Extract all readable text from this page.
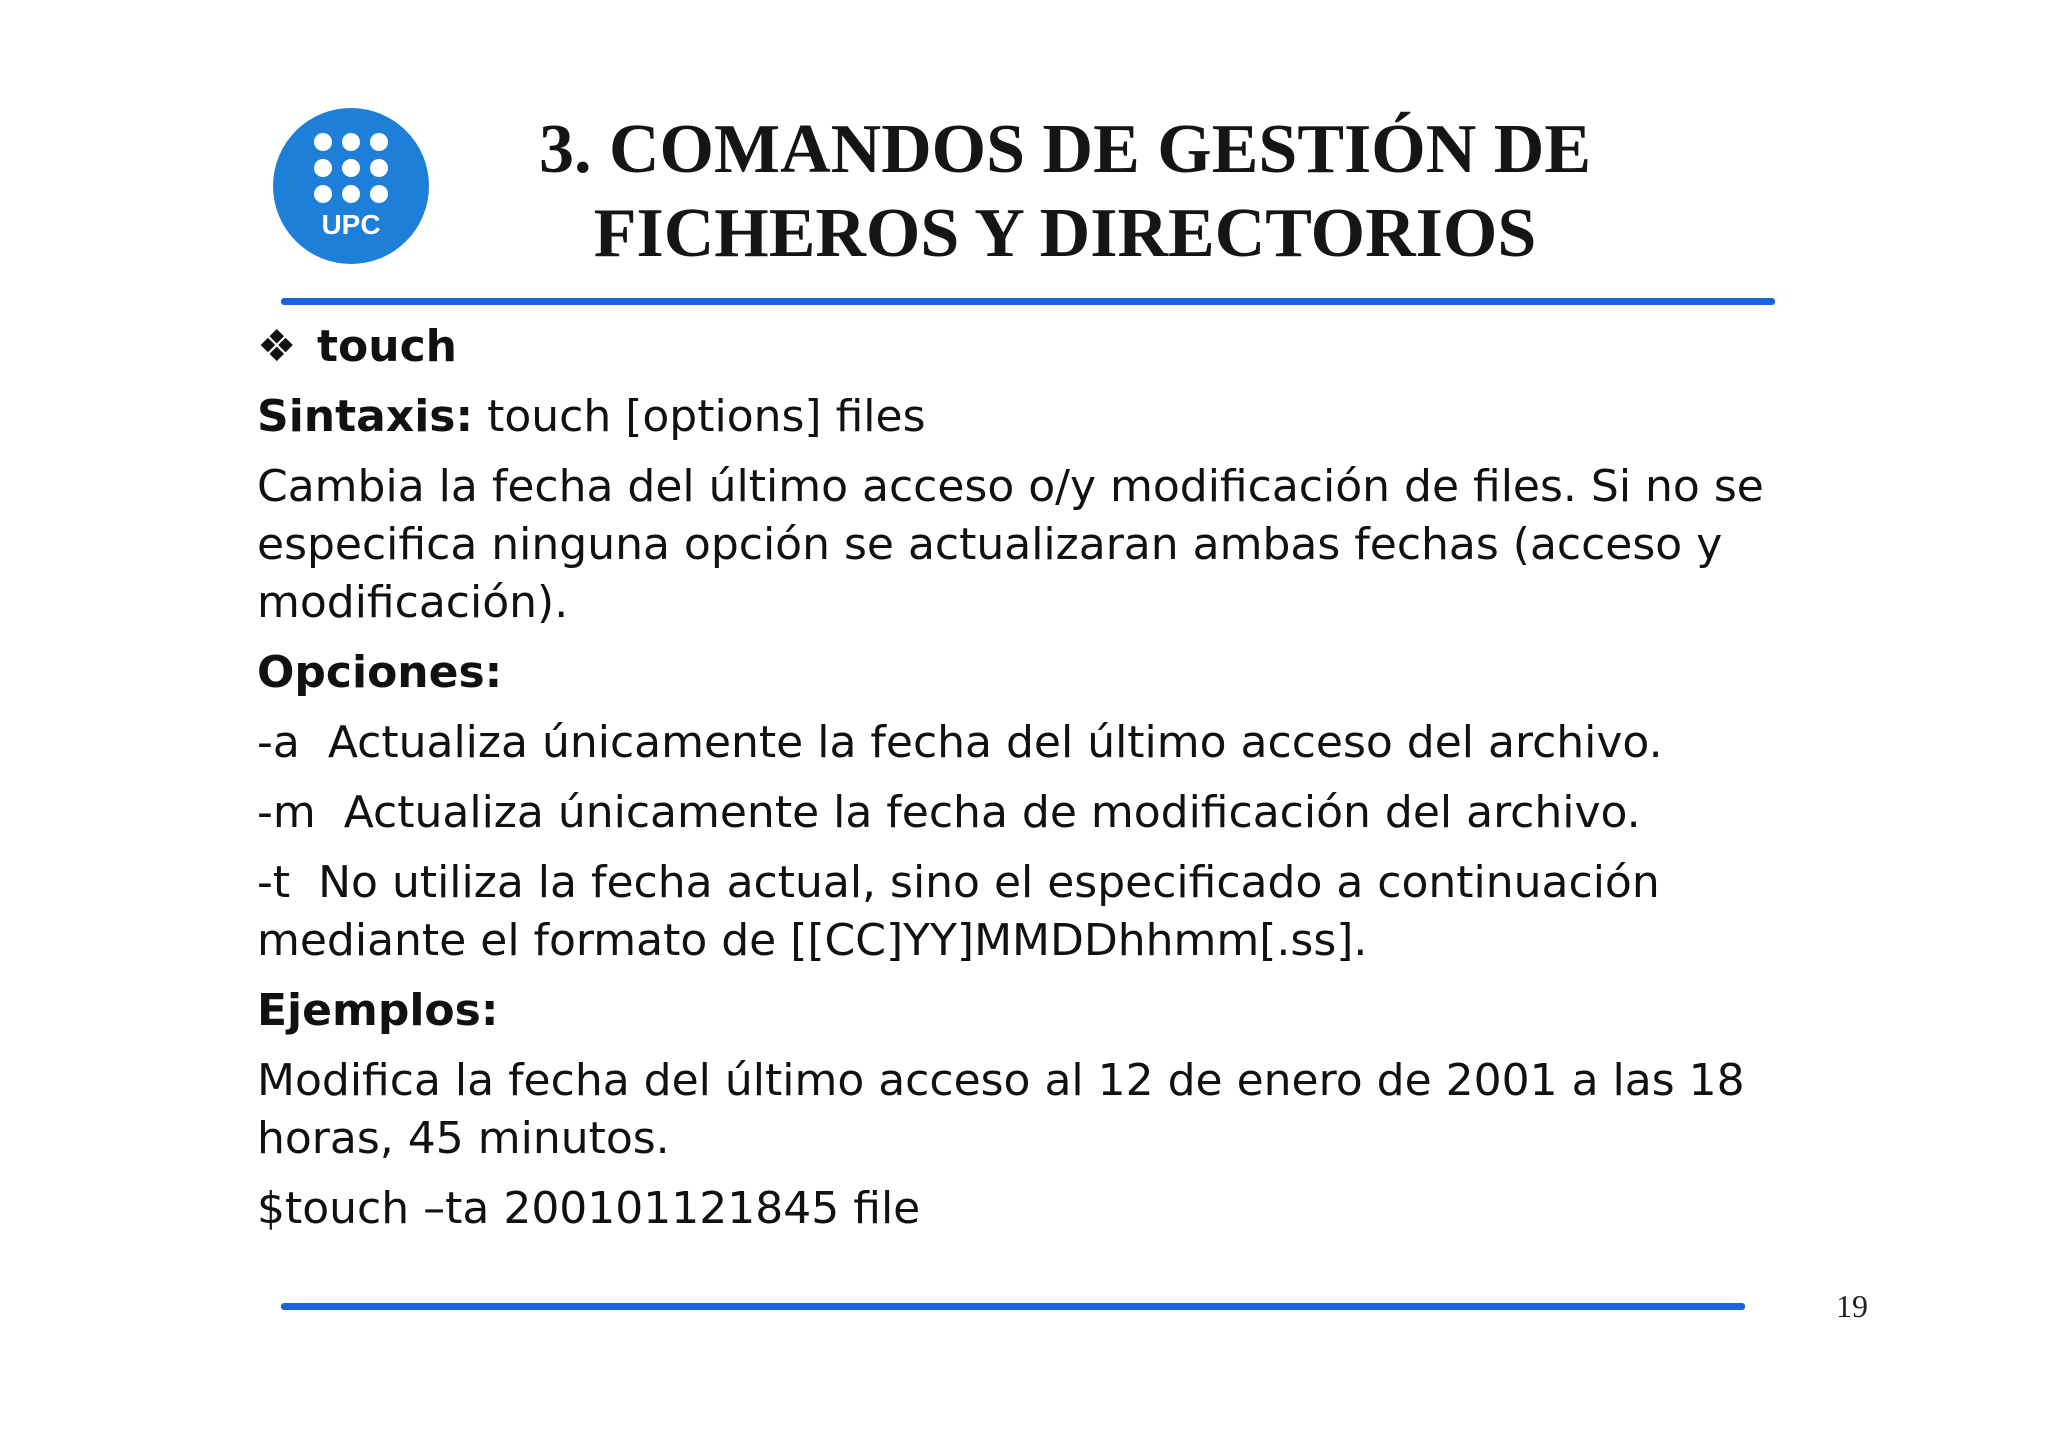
UPC
3. COMANDOS DE GESTIÓN DE
FICHEROS Y DIRECTORIOS

❖ touch

Sintaxis: touch [options] files

Cambia la fecha del último acceso o/y modificación de files. Si no se

especifica ninguna opción se actualizaran ambas fechas (acceso y

modificación).

Opciones:

-a Actualiza únicamente la fecha del último acceso del archivo.

-m Actualiza únicamente la fecha de modificación del archivo.

-t No utiliza la fecha actual, sino el especificado a continuación

mediante el formato de [[CC]YY]MMDDhhmm[.ss].

Ejemplos:

Modifica la fecha del último acceso al 12 de enero de 2001 a las 18

horas, 45 minutos.

$touch –ta 200101121845 file

19
